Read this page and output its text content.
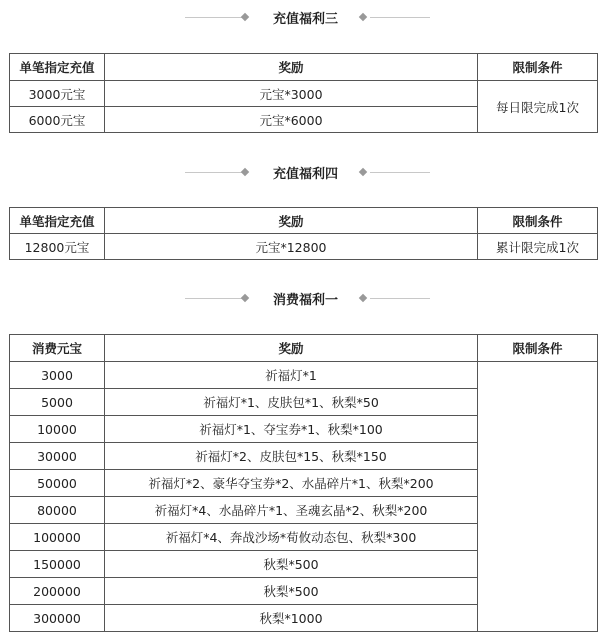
充值福利三
单笔指定充值	奖励	限制条件
3000元宝	元宝*3000	每日限完成1次
6000元宝	元宝*6000	
充值福利四
单笔指定充值	奖励	限制条件
12800元宝	元宝*12800	累计限完成1次
消费福利一
消费元宝	奖励	限制条件
3000	祈福灯*1	
5000	祈福灯*1、皮肤包*1、秋梨*50	
10000	祈福灯*1、夺宝券*1、秋梨*100	
30000	祈福灯*2、皮肤包*15、秋梨*150	
50000	祈福灯*2、豪华夺宝券*2、水晶碎片*1、秋梨*200	
80000	祈福灯*4、水晶碎片*1、圣魂玄晶*2、秋梨*200	
100000	祈福灯*4、奔战沙场*荀攸动态包、秋梨*300	
150000	秋梨*500	
200000	秋梨*500	
300000	秋梨*1000	
